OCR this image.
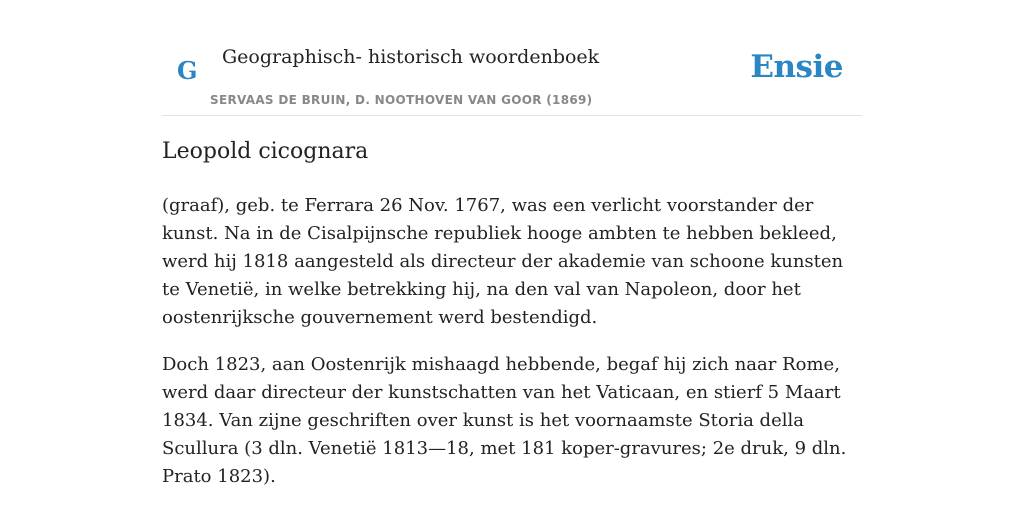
G Geographisch- historisch woordenboek
SERVAAS DE BRUIN, D. NOOTHOVEN VAN GOOR (1869)
Ensie
Leopold cicognara

(graaf), geb. te Ferrara 26 Nov. 1767, was een verlicht voorstander der kunst. Na in de Cisalpijnsche republiek hooge ambten te hebben bekleed, werd hij 1818 aangesteld als directeur der akademie van schoone kunsten te Venetië, in welke betrekking hij, na den val van Napoleon, door het oostenrijksche gouvernement werd bestendigd.

Doch 1823, aan Oostenrijk mishaagd hebbende, begaf hij zich naar Rome, werd daar directeur der kunstschatten van het Vaticaan, en stierf 5 Maart 1834. Van zijne geschriften over kunst is het voornaamste Storia della Scullura (3 dln. Venetië 1813—18, met 181 koper-gravures; 2e druk, 9 dln. Prato 1823).
